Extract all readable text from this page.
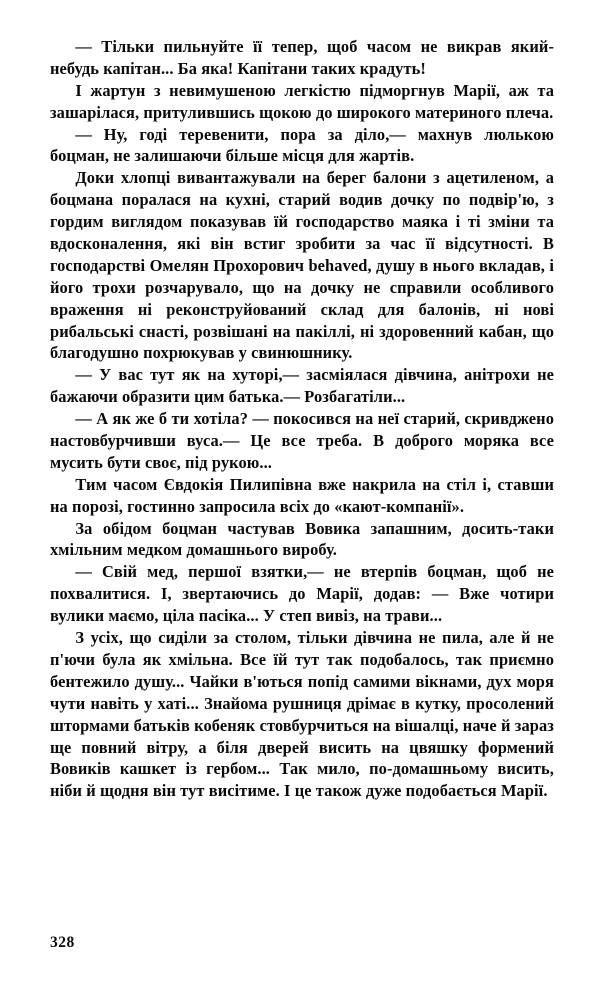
— Тільки пильнуйте її тепер, щоб часом не викрав який-небудь капітан... Ба яка! Капітани таких крадуть!

І жартун з невимушеною легкістю підморгнув Марії, аж та зашарілася, притулившись щокою до широкого материного плеча.

— Ну, годі теревенити, пора за діло,— махнув люлькою боцман, не залишаючи більше місця для жартів.

Доки хлопці вивантажували на берег балони з ацетиленом, а боцмана поралася на кухні, старий водив дочку по подвір'ю, з гордим виглядом показував їй господарство маяка і ті зміни та вдосконалення, які він встиг зробити за час її відсутності. В господарстві Омелян Прохорович behaved, душу в нього вкладав, і його трохи розчарувало, що на дочку не справили особливого враження ні реконструйований склад для балонів, ні нові рибальські снасті, розвішані на пакіллі, ні здоровенний кабан, що благодушно похрюкував у свинюшнику.

— У вас тут як на хуторі,— засміялася дівчина, анітрохи не бажаючи образити цим батька.— Розбагатіли...

— А як же б ти хотіла? — покосився на неї старий, скривджено настовбурчивши вуса.— Це все треба. В доброго моряка все мусить бути своє, під рукою...

Тим часом Євдокія Пилипівна вже накрила на стіл і, ставши на порозі, гостинно запросила всіх до «кают-компанії».

За обідом боцман частував Вовика запашним, досить-таки хмільним медком домашнього виробу.

— Свій мед, першої взятки,— не втерпів боцман, щоб не похвалитися. І, звертаючись до Марії, додав: — Вже чотири вулики маємо, ціла пасіка... У степ вивіз, на трави...

З усіх, що сиділи за столом, тільки дівчина не пила, але й не п'ючи була як хмільна. Все їй тут так подобалось, так приємно бентежило душу... Чайки в'ються попід самими вікнами, дух моря чути навіть у хаті... Знайома рушниця дрімає в кутку, просолений штормами батьків кобеняк стовбурчиться на вішалці, наче й зараз ще повний вітру, а біля дверей висить на цвяшку формений Вовиків кашкет із гербом... Так мило, по-домашньому висить, ніби й щодня він тут висітиме. І це також дуже подобається Марії.

328
